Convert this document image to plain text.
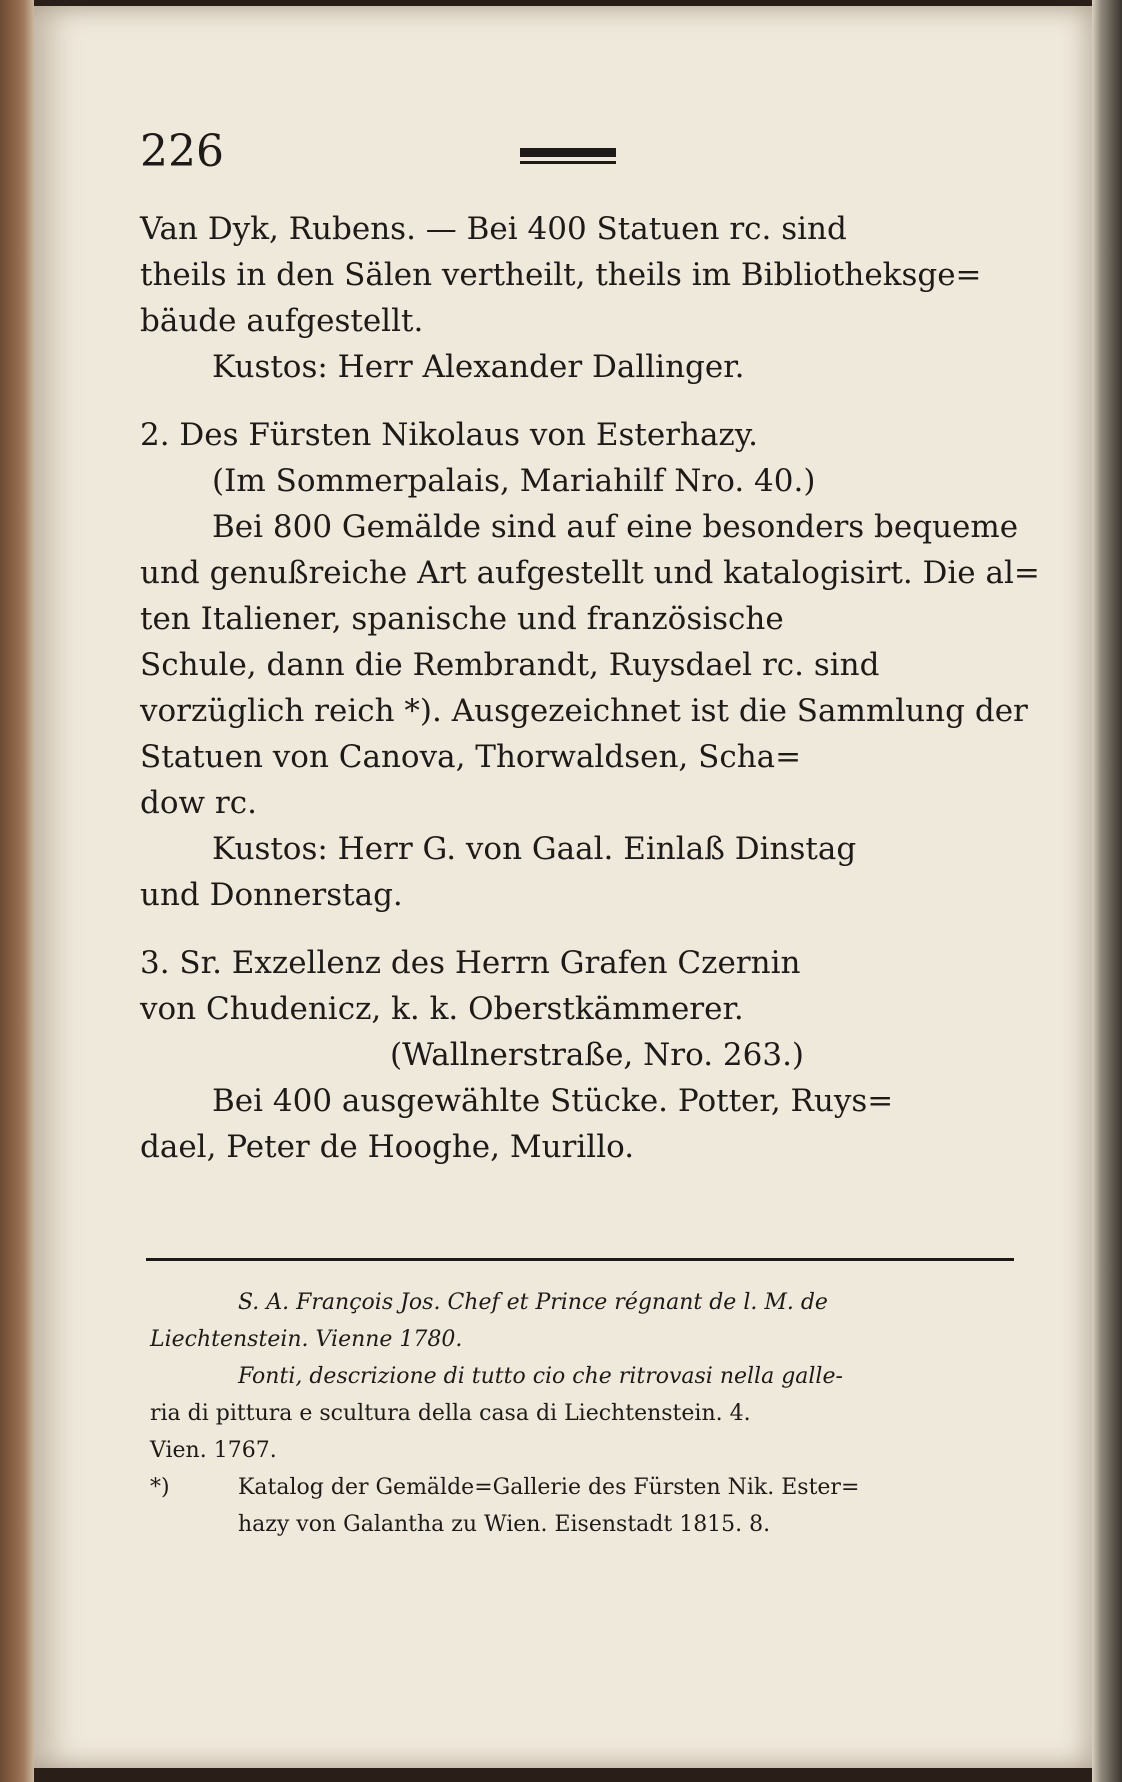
226
Van Dyk, Rubens. — Bei 400 Statuen rc. sind
theils in den Sälen vertheilt, theils im Bibliotheksge=
bäude aufgestellt.
Kustos: Herr Alexander Dallinger.
2. Des Fürsten Nikolaus von Esterhazy.
(Im Sommerpalais, Mariahilf Nro. 40.)
Bei 800 Gemälde sind auf eine besonders bequeme
und genußreiche Art aufgestellt und katalogisirt. Die al=
ten Italiener, spanische und französische
Schule, dann die Rembrandt, Ruysdael rc. sind
vorzüglich reich *). Ausgezeichnet ist die Sammlung der
Statuen von Canova, Thorwaldsen, Scha=
dow rc.
Kustos: Herr G. von Gaal. Einlaß Dinstag
und Donnerstag.
3. Sr. Exzellenz des Herrn Grafen Czernin
von Chudenicz, k. k. Oberstkämmerer.
(Wallnerstraße, Nro. 263.)
Bei 400 ausgewählte Stücke. Potter, Ruys=
dael, Peter de Hooghe, Murillo.
S. A. François Jos. Chef et Prince régnant de l. M. de
Liechtenstein. Vienne 1780.
Fonti, descrizione di tutto cio che ritrovasi nella galle-
ria di pittura e scultura della casa di Liechtenstein. 4.
Vien. 1767.
*)	Katalog der Gemälde=Gallerie des Fürsten Nik. Ester=
hazy von Galantha zu Wien. Eisenstadt 1815. 8.
